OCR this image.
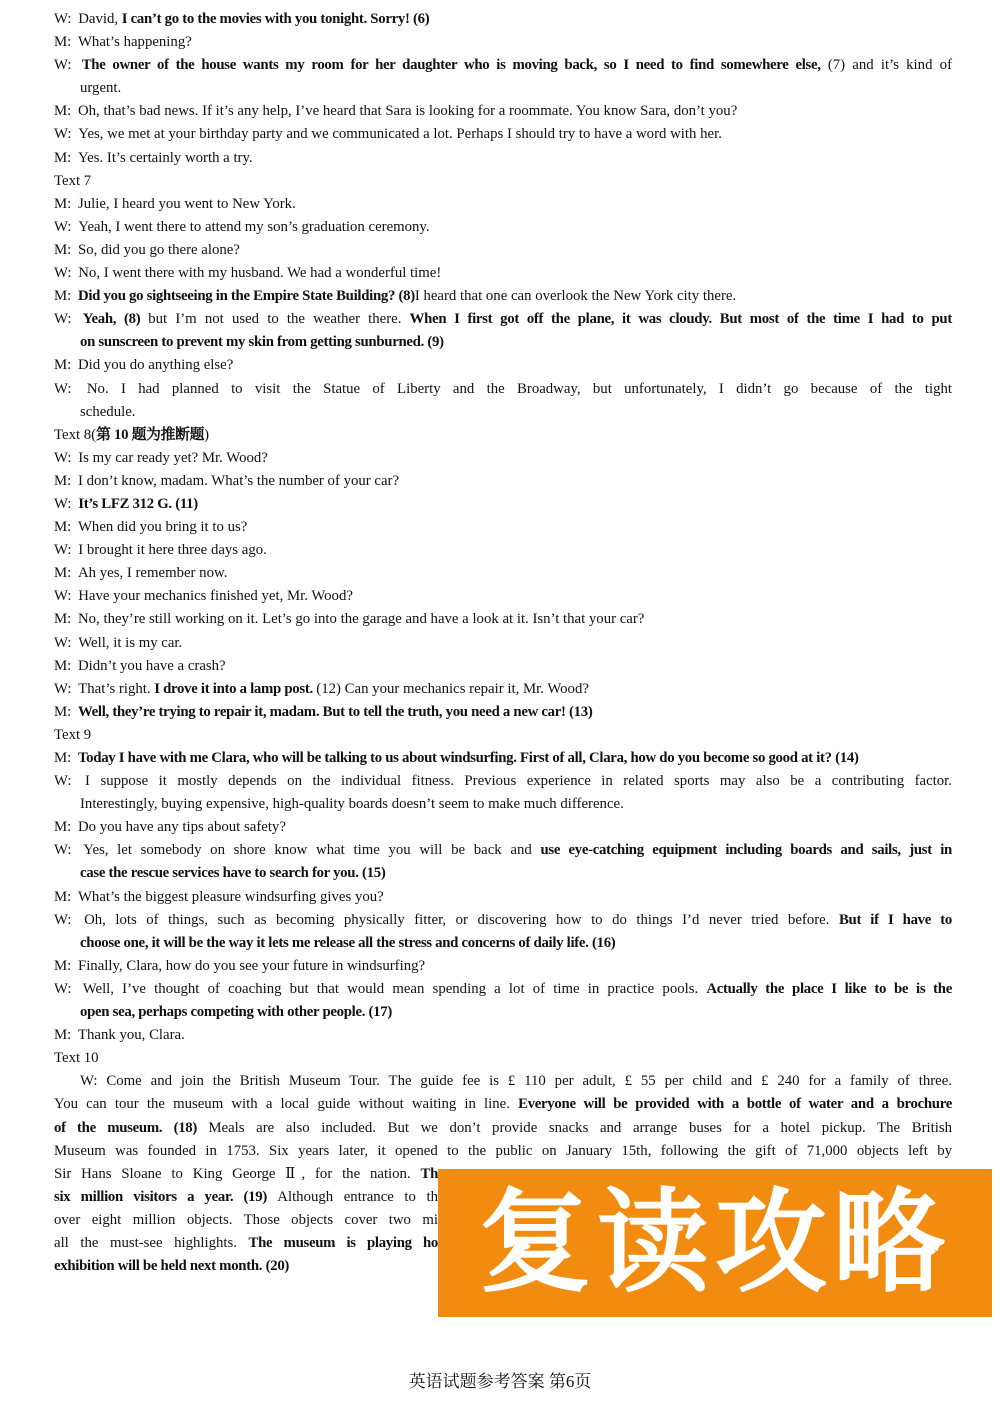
W: David, I can’t go to the movies with you tonight. Sorry! (6)
M: What’s happening?
W: The owner of the house wants my room for her daughter who is moving back, so I need to find somewhere else, (7) and it’s kind of
urgent.
M: Oh, that’s bad news. If it’s any help, I’ve heard that Sara is looking for a roommate. You know Sara, don’t you?
W: Yes, we met at your birthday party and we communicated a lot. Perhaps I should try to have a word with her.
M: Yes. It’s certainly worth a try.
Text 7
M: Julie, I heard you went to New York.
W: Yeah, I went there to attend my son’s graduation ceremony.
M: So, did you go there alone?
W: No, I went there with my husband. We had a wonderful time!
M: Did you go sightseeing in the Empire State Building? (8)I heard that one can overlook the New York city there.
W: Yeah, (8) but I’m not used to the weather there. When I first got off the plane, it was cloudy. But most of the time I had to put
on sunscreen to prevent my skin from getting sunburned. (9)
M: Did you do anything else?
W: No. I had planned to visit the Statue of Liberty and the Broadway, but unfortunately, I didn’t go because of the tight
schedule.
Text 8(第 10 题为推断题)
W: Is my car ready yet? Mr. Wood?
M: I don’t know, madam. What’s the number of your car?
W: It’s LFZ 312 G. (11)
M: When did you bring it to us?
W: I brought it here three days ago.
M: Ah yes, I remember now.
W: Have your mechanics finished yet, Mr. Wood?
M: No, they’re still working on it. Let’s go into the garage and have a look at it. Isn’t that your car?
W: Well, it is my car.
M: Didn’t you have a crash?
W: That’s right. I drove it into a lamp post. (12) Can your mechanics repair it, Mr. Wood?
M: Well, they’re trying to repair it, madam. But to tell the truth, you need a new car! (13)
Text 9
M: Today I have with me Clara, who will be talking to us about windsurfing. First of all, Clara, how do you become so good at it? (14)
W: I suppose it mostly depends on the individual fitness. Previous experience in related sports may also be a contributing factor.
Interestingly, buying expensive, high-quality boards doesn’t seem to make much difference.
M: Do you have any tips about safety?
W: Yes, let somebody on shore know what time you will be back and use eye-catching equipment including boards and sails, just in
case the rescue services have to search for you. (15)
M: What’s the biggest pleasure windsurfing gives you?
W: Oh, lots of things, such as becoming physically fitter, or discovering how to do things I’d never tried before. But if I have to
choose one, it will be the way it lets me release all the stress and concerns of daily life. (16)
M: Finally, Clara, how do you see your future in windsurfing?
W: Well, I’ve thought of coaching but that would mean spending a lot of time in practice pools. Actually the place I like to be is the
open sea, perhaps competing with other people. (17)
M: Thank you, Clara.
Text 10
W: Come and join the British Museum Tour. The guide fee is £ 110 per adult, £ 55 per child and £ 240 for a family of three.
You can tour the museum with a local guide without waiting in line. Everyone will be provided with a bottle of water and a brochure
of the museum. (18) Meals are also included. But we don’t provide snacks and arrange buses for a hotel pickup. The British
Museum was founded in 1753. Six years later, it opened to the public on January 15th, following the gift of 71,000 objects left by
Sir Hans Sloane to King George Ⅱ, for the nation. Th
six million visitors a year. (19) Although entrance to th
over eight million objects. Those objects cover two mi
all the must-see highlights. The museum is playing ho
exhibition will be held next month. (20)	复读攻略
英语试题参考答案 第6页
